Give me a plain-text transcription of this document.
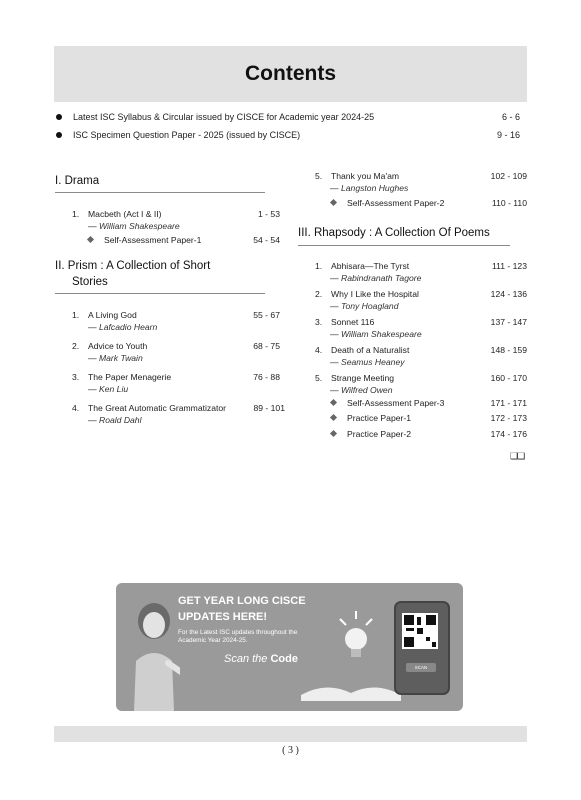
Contents
Latest ISC Syllabus & Circular issued by CISCE for Academic year 2024-25	6 - 6
ISC Specimen Question Paper - 2025 (issued by CISCE)	9 - 16
I. Drama
1. Macbeth (Act I & II)	1 - 53
— William Shakespeare
Self-Assessment Paper-1	54 - 54
II. Prism : A Collection of Short
Stories
1. A Living God	55 - 67
— Lafcadio Hearn
2. Advice to Youth	68 - 75
— Mark Twain
3. The Paper Menagerie	76 - 88
— Ken Liu
4. The Great Automatic Grammatizator	89 - 101
— Roald Dahl
5. Thank you Ma'am	102 - 109
— Langston Hughes
Self-Assessment Paper-2	110 - 110
III. Rhapsody : A Collection Of Poems
1. Abhisara—The Tyrst	111 - 123
— Rabindranath Tagore
2. Why I Like the Hospital	124 - 136
— Tony Hoagland
3. Sonnet 116	137 - 147
— William Shakespeare
4. Death of a Naturalist	148 - 159
— Seamus Heaney
5. Strange Meeting	160 - 170
— Wilfred Owen
Self-Assessment Paper-3	171 - 171
Practice Paper-1	172 - 173
Practice Paper-2	174 - 176
❑❑
GET YEAR LONG CISCE
UPDATES HERE!
For the Latest ISC updates throughout the Academic Year 2024-25.
Scan the Code
SCAN
( 3 )
